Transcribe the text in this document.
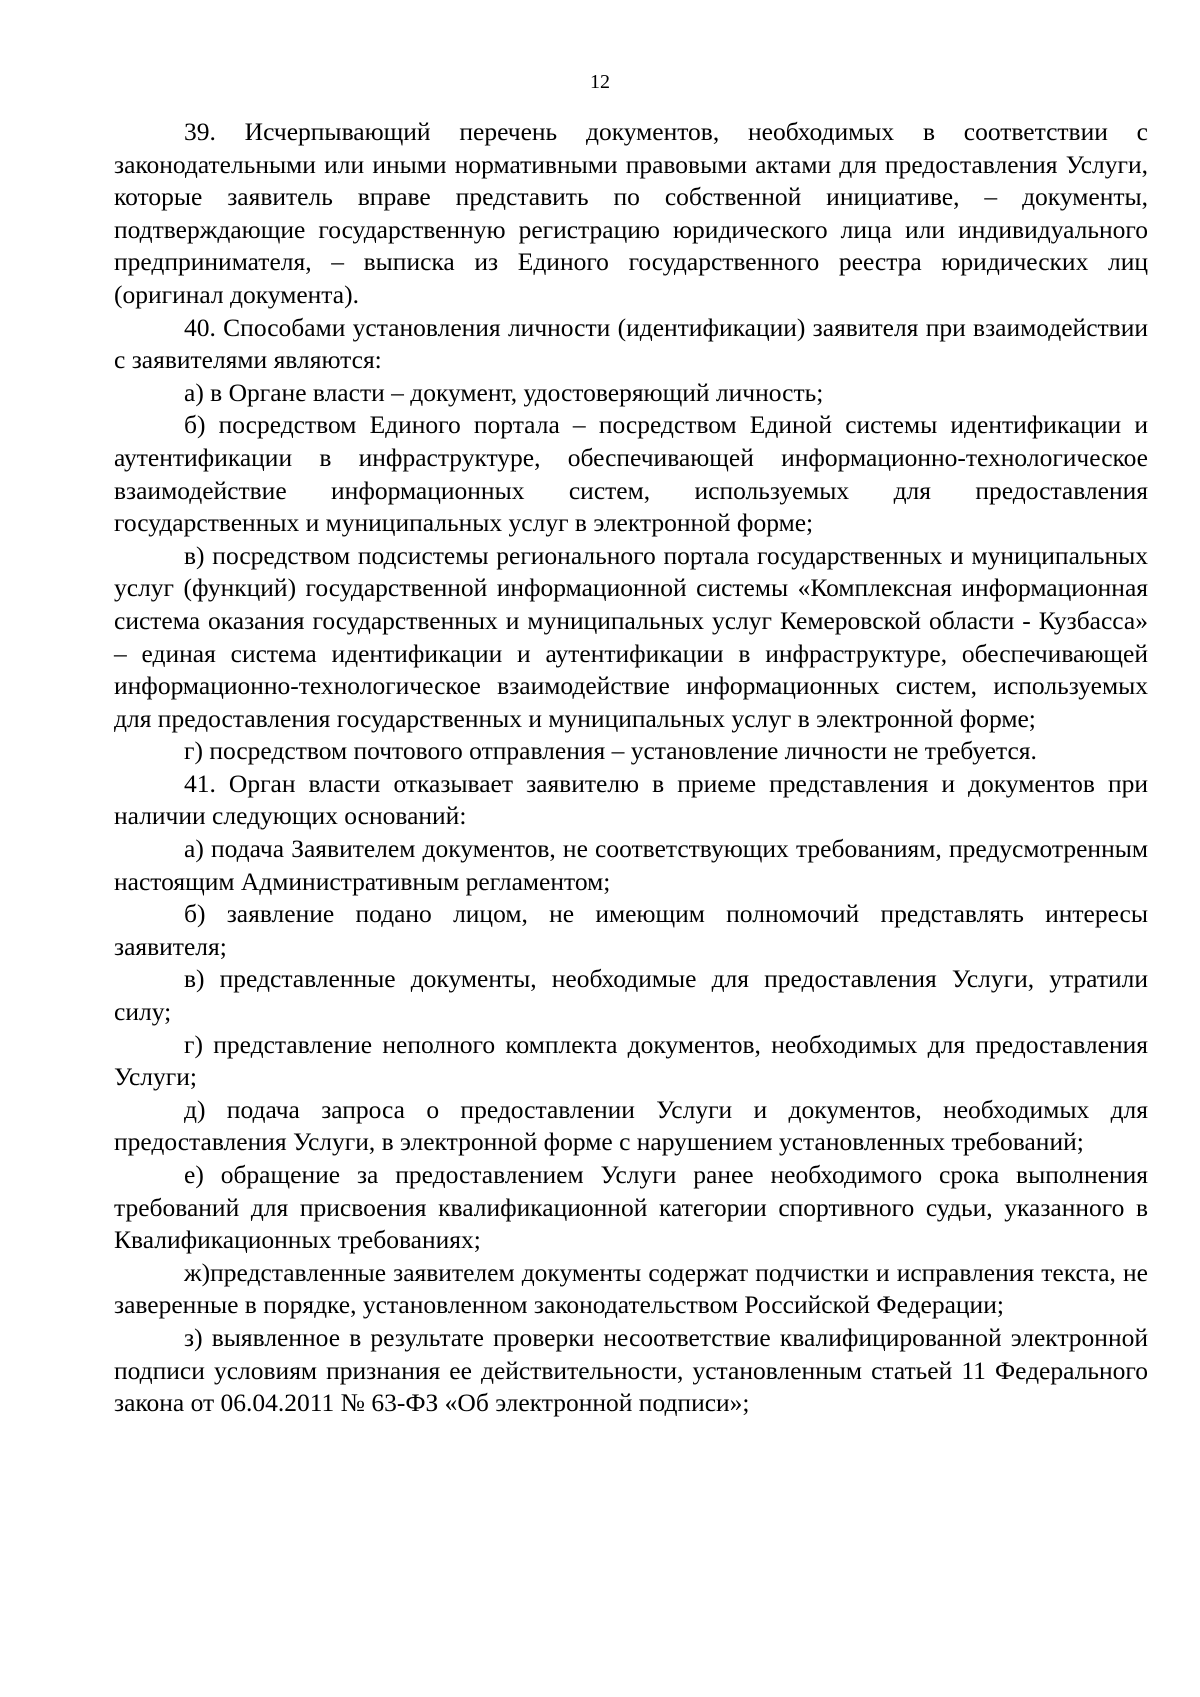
12

39. Исчерпывающий перечень документов, необходимых в соответствии с законодательными или иными нормативными правовыми актами для предоставления Услуги, которые заявитель вправе представить по собственной инициативе, – документы, подтверждающие государственную регистрацию юридического лица или индивидуального предпринимателя, – выписка из Единого государственного реестра юридических лиц (оригинал документа).

40. Способами установления личности (идентификации) заявителя при взаимодействии с заявителями являются:

а) в Органе власти – документ, удостоверяющий личность;

б) посредством Единого портала – посредством Единой системы идентификации и аутентификации в инфраструктуре, обеспечивающей информационно-технологическое взаимодействие информационных систем, используемых для предоставления государственных и муниципальных услуг в электронной форме;

в) посредством подсистемы регионального портала государственных и муниципальных услуг (функций) государственной информационной системы «Комплексная информационная система оказания государственных и муниципальных услуг Кемеровской области - Кузбасса» – единая система идентификации и аутентификации в инфраструктуре, обеспечивающей информационно-технологическое взаимодействие информационных систем, используемых для предоставления государственных и муниципальных услуг в электронной форме;

г) посредством почтового отправления – установление личности не требуется.

41. Орган власти отказывает заявителю в приеме представления и документов при наличии следующих оснований:

а) подача Заявителем документов, не соответствующих требованиям, предусмотренным настоящим Административным регламентом;

б) заявление подано лицом, не имеющим полномочий представлять интересы заявителя;

в) представленные документы, необходимые для предоставления Услуги, утратили силу;

г) представление неполного комплекта документов, необходимых для предоставления Услуги;

д) подача запроса о предоставлении Услуги и документов, необходимых для предоставления Услуги, в электронной форме с нарушением установленных требований;

е) обращение за предоставлением Услуги ранее необходимого срока выполнения требований для присвоения квалификационной категории спортивного судьи, указанного в Квалификационных требованиях;

ж)представленные заявителем документы содержат подчистки и исправления текста, не заверенные в порядке, установленном законодательством Российской Федерации;

з) выявленное в результате проверки несоответствие квалифицированной электронной подписи условиям признания ее действительности, установленным статьей 11 Федерального закона от 06.04.2011 № 63-ФЗ «Об электронной подписи»;
